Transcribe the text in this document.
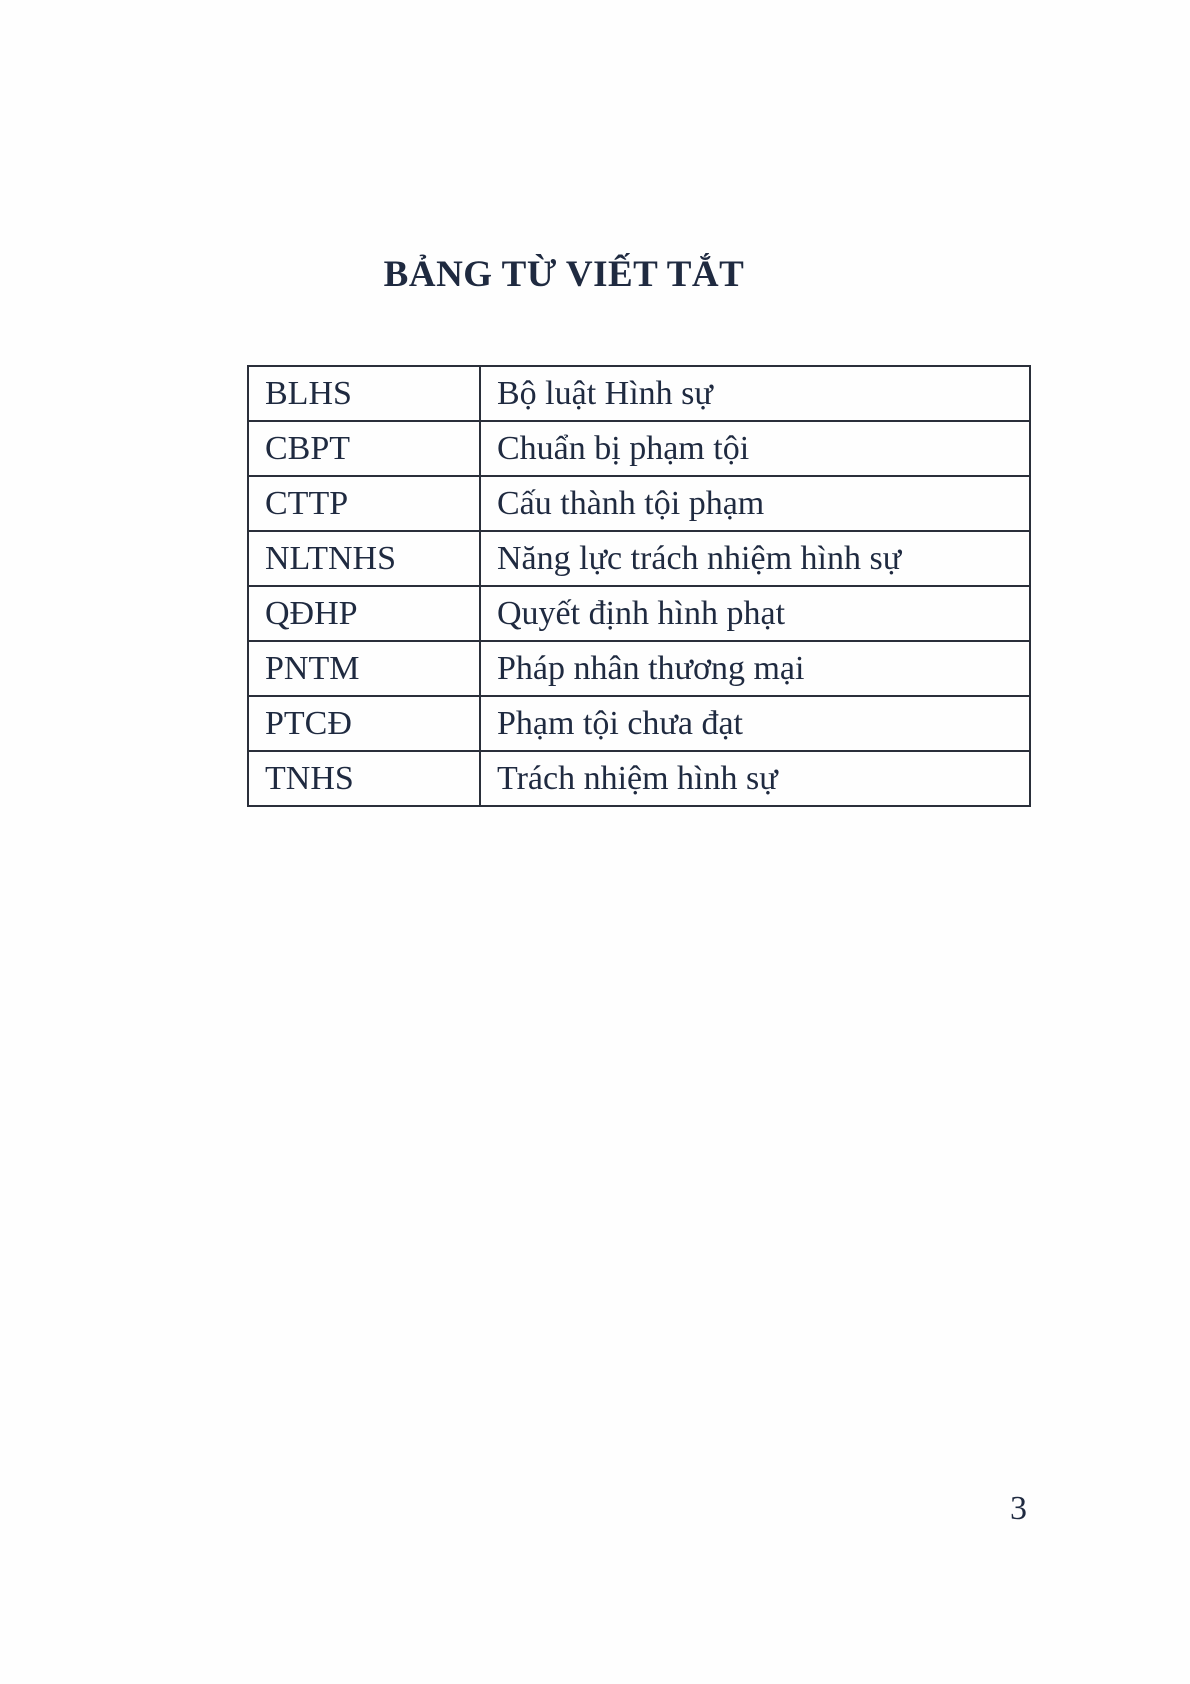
BẢNG TỪ VIẾT TẮT
BLHS	Bộ luật Hình sự
CBPT	Chuẩn bị phạm tội
CTTP	Cấu thành tội phạm
NLTNHS	Năng lực trách nhiệm hình sự
QĐHP	Quyết định hình phạt
PNTM	Pháp nhân thương mại
PTCĐ	Phạm tội chưa đạt
TNHS	Trách nhiệm hình sự
3
